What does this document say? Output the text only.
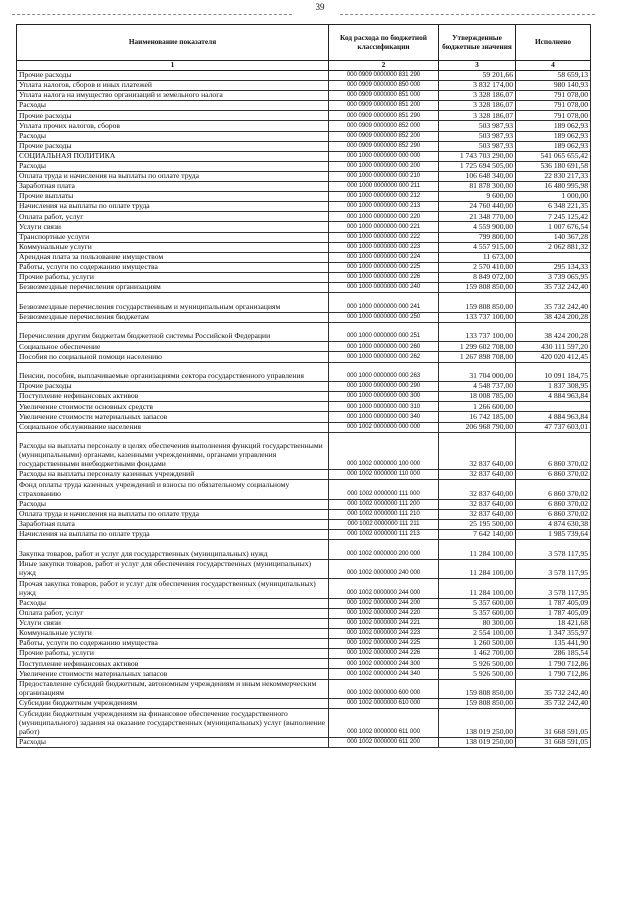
39
Наименование показателя	Код расхода по бюджетной классификации	Утвержденные бюджетные значения	Исполнено
1	2	3	4
Прочие расходы	000 0909 0000000 831 290	59 201,66	58 659,13
Уплата налогов, сборов и иных платежей	000 0909 0000000 850 000	3 832 174,00	980 140,93
Уплата налога на имущество организаций и земельного налога	000 0909 0000000 851 000	3 328 186,07	791 078,00
Расходы	000 0909 0000000 851 200	3 328 186,07	791 078,00
Прочие расходы	000 0909 0000000 851 290	3 328 186,07	791 078,00
Уплата прочих налогов, сборов	000 0909 0000000 852 000	503 987,93	189 062,93
Расходы	000 0909 0000000 852 200	503 987,93	189 062,93
Прочие расходы	000 0909 0000000 852 290	503 987,93	189 062,93
СОЦИАЛЬНАЯ ПОЛИТИКА	000 1000 0000000 000 000	1 743 703 290,00	541 065 655,42
Расходы	000 1000 0000000 000 200	1 725 694 505,00	536 180 691,58
Оплата труда и начисления на выплаты по оплате труда	000 1000 0000000 000 210	106 648 340,00	22 830 217,33
Заработная плата	000 1000 0000000 000 211	81 878 300,00	16 480 995,98
Прочие выплаты	000 1000 0000000 000 212	9 600,00	1 000,00
Начисления на выплаты по оплате труда	000 1000 0000000 000 213	24 760 440,00	6 348 221,35
Оплата работ, услуг	000 1000 0000000 000 220	21 348 770,00	7 245 125,42
Услуги связи	000 1000 0000000 000 221	4 559 900,00	1 007 676,54
Транспортные услуги	000 1000 0000000 000 222	799 800,00	140 367,28
Коммунальные услуги	000 1000 0000000 000 223	4 557 915,00	2 062 881,32
Арендная плата за пользование имуществом	000 1000 0000000 000 224	11 673,00	
Работы, услуги по содержанию имущества	000 1000 0000000 000 225	2 570 410,00	295 134,33
Прочие работы, услуги	000 1000 0000000 000 226	8 849 072,00	3 739 065,95
Безвозмездные перечисления организациям	000 1000 0000000 000 240	159 808 850,00	35 732 242,40
Безвозмездные перечисления государственным и муниципальным организациям	000 1000 0000000 000 241	159 808 850,00	35 732 242,40
Безвозмездные перечисления бюджетам	000 1000 0000000 000 250	133 737 100,00	38 424 200,28
Перечисления другим бюджетам бюджетной системы Российской Федерации	000 1000 0000000 000 251	133 737 100,00	38 424 200,28
Социальное обеспечение	000 1000 0000000 000 260	1 299 602 708,00	430 111 597,20
Пособия по социальной помощи населению	000 1000 0000000 000 262	1 267 898 708,00	420 020 412,45
Пенсии, пособия, выплачиваемые организациями сектора государственного управления	000 1000 0000000 000 263	31 704 000,00	10 091 184,75
Прочие расходы	000 1000 0000000 000 290	4 548 737,00	1 837 308,95
Поступление нефинансовых активов	000 1000 0000000 000 300	18 008 785,00	4 884 963,84
Увеличение стоимости основных средств	000 1000 0000000 000 310	1 266 600,00	
Увеличение стоимости материальных запасов	000 1000 0000000 000 340	16 742 185,00	4 884 963,84
Социальное обслуживание населения	000 1002 0000000 000 000	206 968 790,00	47 737 603,01
Расходы на выплаты персоналу в целях обеспечения выполнения функций государственными (муниципальными) органами, казенными учреждениями, органами управления государственными внебюджетными фондами	000 1002 0000000 100 000	32 837 640,00	6 860 370,02
Расходы на выплаты персоналу казенных учреждений	000 1002 0000000 110 000	32 837 640,00	6 860 370,02
Фонд оплаты труда казенных учреждений и взносы по обязательному социальному страхованию	000 1002 0000000 111 000	32 837 640,00	6 860 370,02
Расходы	000 1002 0000000 111 200	32 837 640,00	6 860 370,02
Оплата труда и начисления на выплаты по оплате труда	000 1002 0000000 111 210	32 837 640,00	6 860 370,02
Заработная плата	000 1002 0000000 111 211	25 195 500,00	4 874 630,38
Начисления на выплаты по оплате труда	000 1002 0000000 111 213	7 642 140,00	1 985 739,64
Закупка товаров, работ и услуг для государственных (муниципальных) нужд	000 1002 0000000 200 000	11 284 100,00	3 578 117,95
Иные закупки товаров, работ и услуг для обеспечения государственных (муниципальных) нужд	000 1002 0000000 240 000	11 284 100,00	3 578 117,95
Прочая закупка товаров, работ и услуг для обеспечения государственных (муниципальных) нужд	000 1002 0000000 244 000	11 284 100,00	3 578 117,95
Расходы	000 1002 0000000 244 200	5 357 600,00	1 787 405,09
Оплата работ, услуг	000 1002 0000000 244 220	5 357 600,00	1 787 405,09
Услуги связи	000 1002 0000000 244 221	80 300,00	18 421,68
Коммунальные услуги	000 1002 0000000 244 223	2 554 100,00	1 347 355,97
Работы, услуги по содержанию имущества	000 1002 0000000 244 225	1 260 500,00	135 441,90
Прочие работы, услуги	000 1002 0000000 244 226	1 462 700,00	286 185,54
Поступление нефинансовых активов	000 1002 0000000 244 300	5 926 500,00	1 790 712,86
Увеличение стоимости материальных запасов	000 1002 0000000 244 340	5 926 500,00	1 790 712,86
Предоставление субсидий бюджетным, автономным учреждениям и иным некоммерческим организациям	000 1002 0000000 600 000	159 808 850,00	35 732 242,40
Субсидии бюджетным учреждениям	000 1002 0000000 610 000	159 808 850,00	35 732 242,40
Субсидии бюджетным учреждениям на финансовое обеспечение государственного (муниципального) задания на оказание государственных (муниципальных) услуг (выполнение работ)	000 1002 0000000 611 000	138 019 250,00	31 668 591,05
Расходы	000 1002 0000000 611 200	138 019 250,00	31 668 591,05
